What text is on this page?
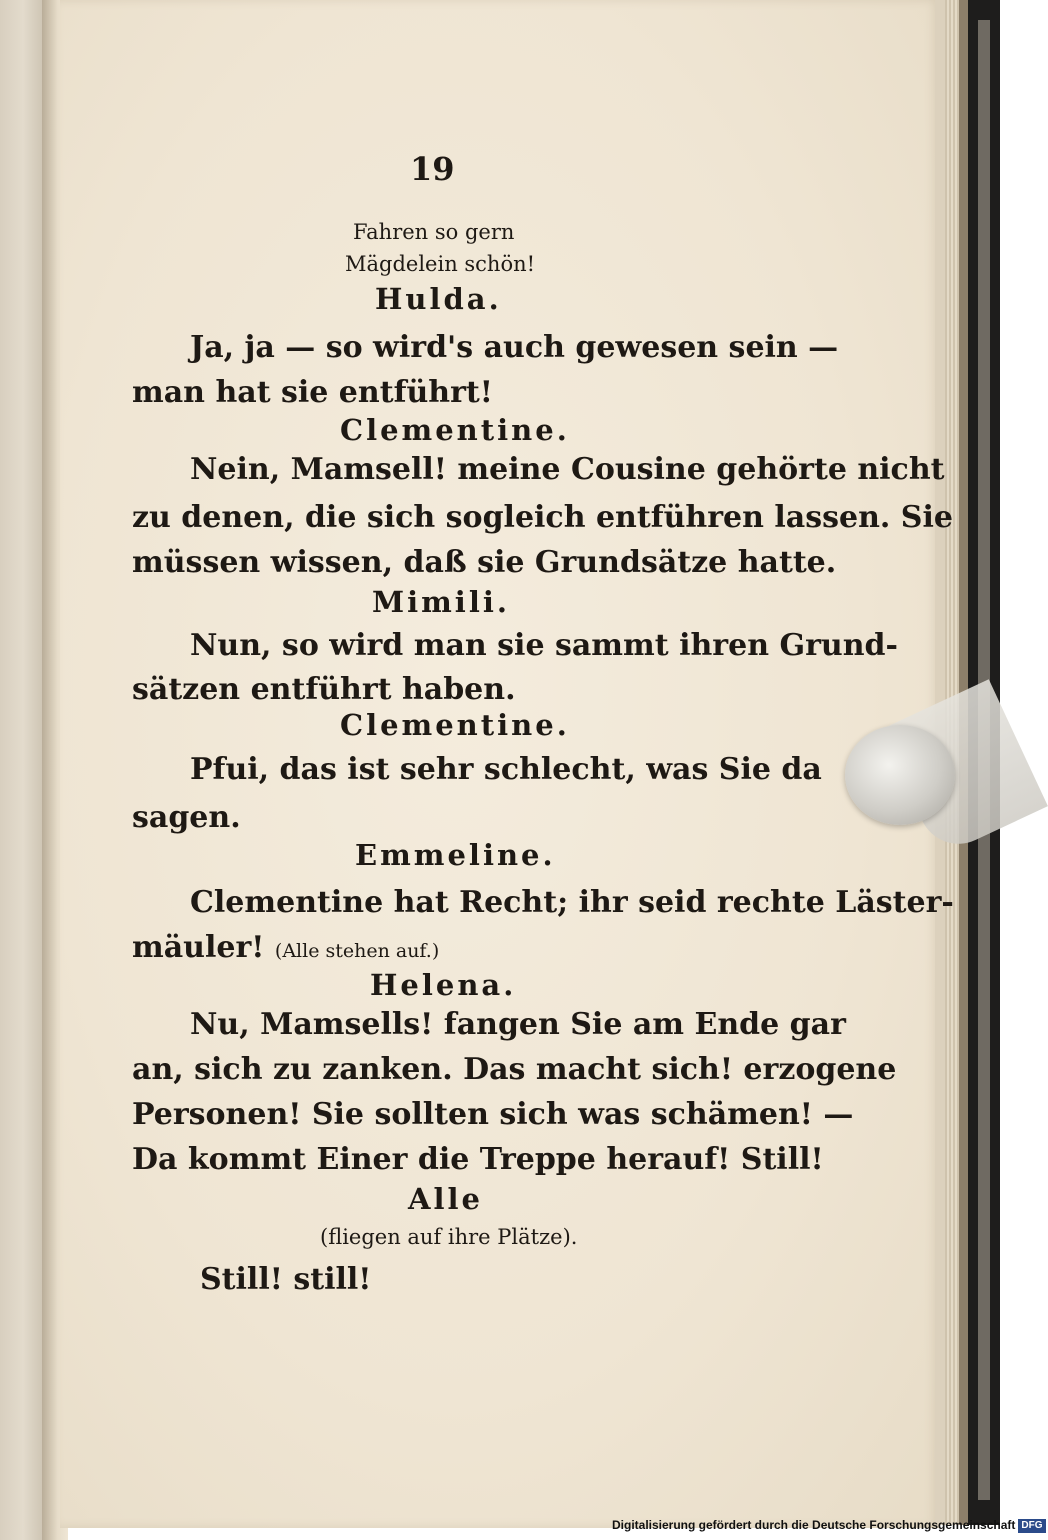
19
Fahren so gern
Mägdelein schön!
Hulda.
Ja, ja — so wird's auch gewesen sein —
man hat sie entführt!
Clementine.
Nein, Mamsell! meine Cousine gehörte nicht
zu denen, die sich sogleich entführen lassen. Sie
müssen wissen, daß sie Grundsätze hatte.
Mimili.
Nun, so wird man sie sammt ihren Grund-
sätzen entführt haben.
Clementine.
Pfui, das ist sehr schlecht, was Sie da
sagen.
Emmeline.
Clementine hat Recht; ihr seid rechte Läster-
mäuler! (Alle stehen auf.)
Helena.
Nu, Mamsells! fangen Sie am Ende gar
an, sich zu zanken. Das macht sich! erzogene
Personen! Sie sollten sich was schämen! —
Da kommt Einer die Treppe herauf! Still!
Alle
(fliegen auf ihre Plätze).
Still! still!
Digitalisierung gefördert durch die Deutsche Forschungsgemeinschaft DFG
